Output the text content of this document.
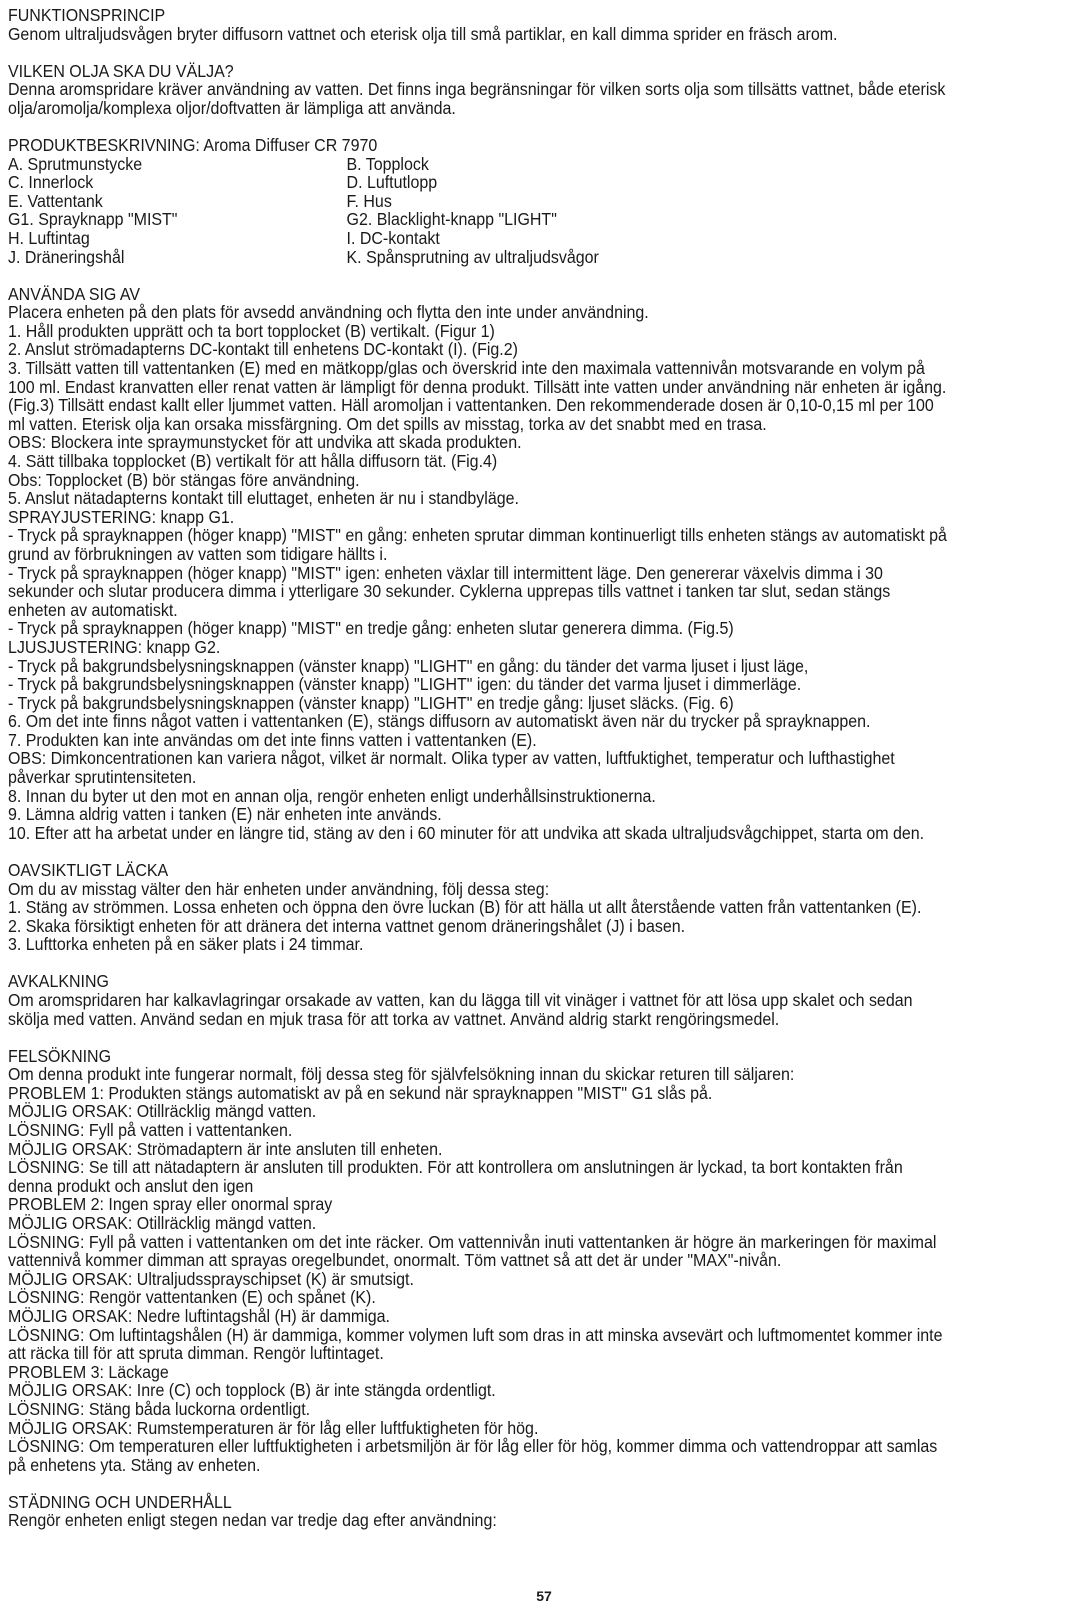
FUNKTIONSPRINCIP

Genom ultraljudsvågen bryter diffusorn vattnet och eterisk olja till små partiklar, en kall dimma sprider en fräsch arom.

VILKEN OLJA SKA DU VÄLJA?

Denna aromspridare kräver användning av vatten. Det finns inga begränsningar för vilken sorts olja som tillsätts vattnet, både eterisk

olja/aromolja/komplexa oljor/doftvatten är lämpliga att använda.

PRODUKTBESKRIVNING: Aroma Diffuser CR 7970

A. Sprutmunstycke	B. Topplock
C. Innerlock	D. Luftutlopp
E. Vattentank	F. Hus
G1. Sprayknapp "MIST"	G2. Blacklight-knapp "LIGHT"
H. Luftintag	I. DC-kontakt
J. Dräneringshål	K. Spånsprutning av ultraljudsvågor

ANVÄNDA SIG AV

Placera enheten på den plats för avsedd användning och flytta den inte under användning.

1. Håll produkten upprätt och ta bort topplocket (B) vertikalt. (Figur 1)

2. Anslut strömadapterns DC-kontakt till enhetens DC-kontakt (I). (Fig.2)

3. Tillsätt vatten till vattentanken (E) med en mätkopp/glas och överskrid inte den maximala vattennivån motsvarande en volym på

100 ml. Endast kranvatten eller renat vatten är lämpligt för denna produkt. Tillsätt inte vatten under användning när enheten är igång.

(Fig.3) Tillsätt endast kallt eller ljummet vatten. Häll aromoljan i vattentanken. Den rekommenderade dosen är 0,10-0,15 ml per 100

ml vatten. Eterisk olja kan orsaka missfärgning. Om det spills av misstag, torka av det snabbt med en trasa.

OBS: Blockera inte spraymunstycket för att undvika att skada produkten.

4. Sätt tillbaka topplocket (B) vertikalt för att hålla diffusorn tät. (Fig.4)

Obs: Topplocket (B) bör stängas före användning.

5. Anslut nätadapterns kontakt till eluttaget, enheten är nu i standbyläge.

SPRAYJUSTERING: knapp G1.

- Tryck på sprayknappen (höger knapp) "MIST" en gång: enheten sprutar dimman kontinuerligt tills enheten stängs av automatiskt på

grund av förbrukningen av vatten som tidigare hällts i.

- Tryck på sprayknappen (höger knapp) "MIST" igen: enheten växlar till intermittent läge. Den genererar växelvis dimma i 30

sekunder och slutar producera dimma i ytterligare 30 sekunder. Cyklerna upprepas tills vattnet i tanken tar slut, sedan stängs

enheten av automatiskt.

- Tryck på sprayknappen (höger knapp) "MIST" en tredje gång: enheten slutar generera dimma. (Fig.5)

LJUSJUSTERING: knapp G2.

- Tryck på bakgrundsbelysningsknappen (vänster knapp) "LIGHT" en gång: du tänder det varma ljuset i ljust läge,

- Tryck på bakgrundsbelysningsknappen (vänster knapp) "LIGHT" igen: du tänder det varma ljuset i dimmerläge.

- Tryck på bakgrundsbelysningsknappen (vänster knapp) "LIGHT" en tredje gång: ljuset släcks. (Fig. 6)

6. Om det inte finns något vatten i vattentanken (E), stängs diffusorn av automatiskt även när du trycker på sprayknappen.

7. Produkten kan inte användas om det inte finns vatten i vattentanken (E).

OBS: Dimkoncentrationen kan variera något, vilket är normalt. Olika typer av vatten, luftfuktighet, temperatur och lufthastighet

påverkar sprutintensiteten.

8. Innan du byter ut den mot en annan olja, rengör enheten enligt underhållsinstruktionerna.

9. Lämna aldrig vatten i tanken (E) när enheten inte används.

10. Efter att ha arbetat under en längre tid, stäng av den i 60 minuter för att undvika att skada ultraljudsvågchippet, starta om den.

OAVSIKTLIGT LÄCKA

Om du av misstag välter den här enheten under användning, följ dessa steg:

1. Stäng av strömmen. Lossa enheten och öppna den övre luckan (B) för att hälla ut allt återstående vatten från vattentanken (E).

2. Skaka försiktigt enheten för att dränera det interna vattnet genom dräneringshålet (J) i basen.

3. Lufttorka enheten på en säker plats i 24 timmar.

AVKALKNING

Om aromspridaren har kalkavlagringar orsakade av vatten, kan du lägga till vit vinäger i vattnet för att lösa upp skalet och sedan

skölja med vatten. Använd sedan en mjuk trasa för att torka av vattnet. Använd aldrig starkt rengöringsmedel.

FELSÖKNING

Om denna produkt inte fungerar normalt, följ dessa steg för självfelsökning innan du skickar returen till säljaren:

PROBLEM 1: Produkten stängs automatiskt av på en sekund när sprayknappen "MIST" G1 slås på.

MÖJLIG ORSAK: Otillräcklig mängd vatten.

LÖSNING: Fyll på vatten i vattentanken.

MÖJLIG ORSAK: Strömadaptern är inte ansluten till enheten.

LÖSNING: Se till att nätadaptern är ansluten till produkten. För att kontrollera om anslutningen är lyckad, ta bort kontakten från

denna produkt och anslut den igen

PROBLEM 2: Ingen spray eller onormal spray

MÖJLIG ORSAK: Otillräcklig mängd vatten.

LÖSNING: Fyll på vatten i vattentanken om det inte räcker. Om vattennivån inuti vattentanken är högre än markeringen för maximal

vattennivå kommer dimman att sprayas oregelbundet, onormalt. Töm vattnet så att det är under "MAX"-nivån.

MÖJLIG ORSAK: Ultraljudssprayschipset (K) är smutsigt.

LÖSNING: Rengör vattentanken (E) och spånet (K).

MÖJLIG ORSAK: Nedre luftintagshål (H) är dammiga.

LÖSNING: Om luftintagshålen (H) är dammiga, kommer volymen luft som dras in att minska avsevärt och luftmomentet kommer inte

att räcka till för att spruta dimman. Rengör luftintaget.

PROBLEM 3: Läckage

MÖJLIG ORSAK: Inre (C) och topplock (B) är inte stängda ordentligt.

LÖSNING: Stäng båda luckorna ordentligt.

MÖJLIG ORSAK: Rumstemperaturen är för låg eller luftfuktigheten för hög.

LÖSNING: Om temperaturen eller luftfuktigheten i arbetsmiljön är för låg eller för hög, kommer dimma och vattendroppar att samlas

på enhetens yta. Stäng av enheten.

STÄDNING OCH UNDERHÅLL

Rengör enheten enligt stegen nedan var tredje dag efter användning:

57
